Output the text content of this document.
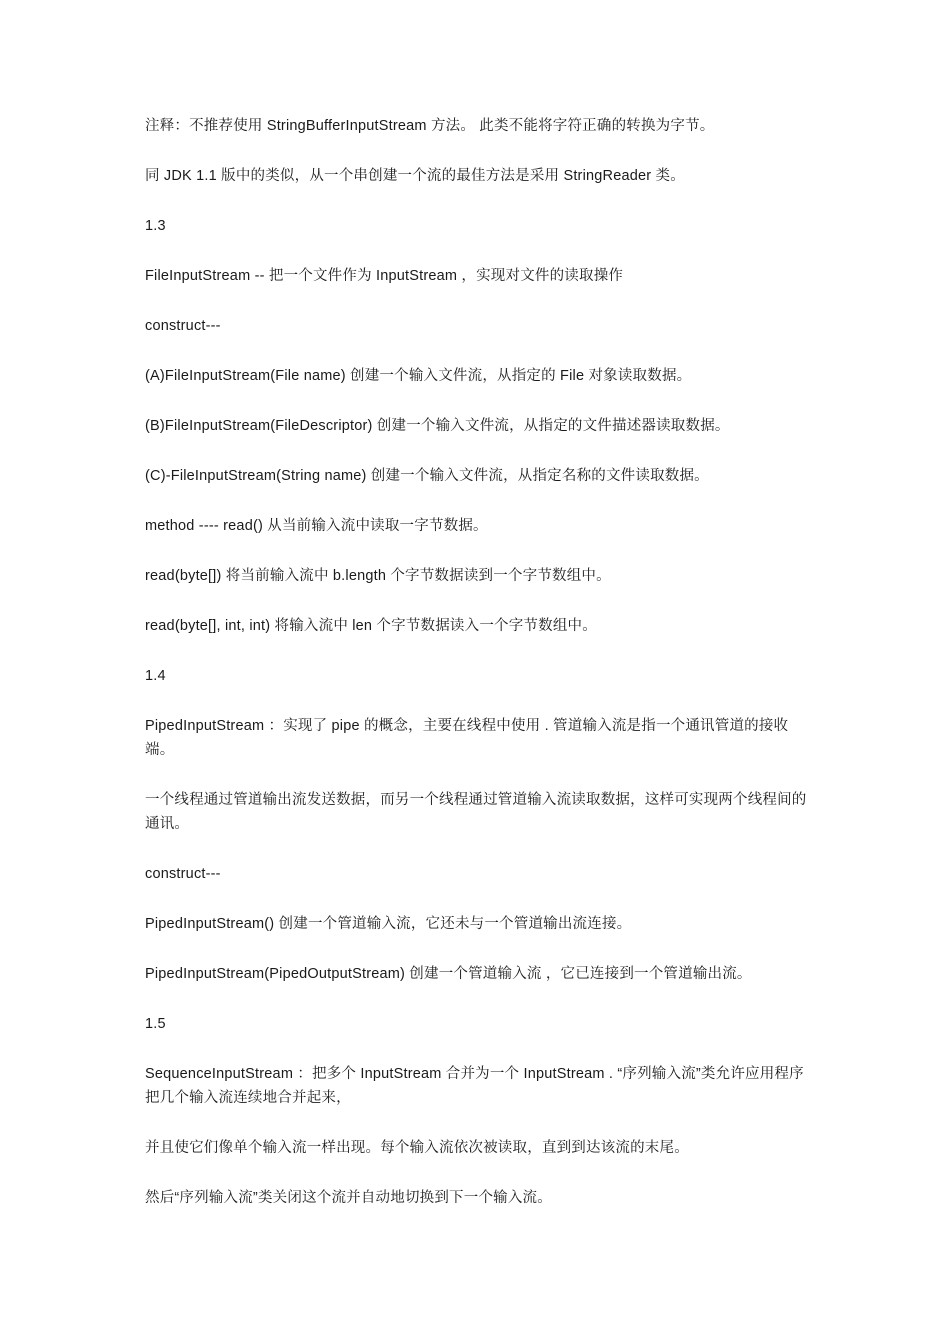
注释：不推荐使用 StringBufferInputStream 方法。 此类不能将字符正确的转换为字节。

同 JDK 1.1 版中的类似，从一个串创建一个流的最佳方法是采用 StringReader 类。

1.3

FileInputStream -- 把一个文件作为 InputStream ，实现对文件的读取操作

construct---

(A)FileInputStream(File name) 创建一个输入文件流，从指定的 File 对象读取数据。

(B)FileInputStream(FileDescriptor) 创建一个输入文件流，从指定的文件描述器读取数据。

(C)-FileInputStream(String name) 创建一个输入文件流，从指定名称的文件读取数据。

method ---- read() 从当前输入流中读取一字节数据。

read(byte[]) 将当前输入流中 b.length 个字节数据读到一个字节数组中。

read(byte[], int, int) 将输入流中 len 个字节数据读入一个字节数组中。

1.4

PipedInputStream ：实现了 pipe 的概念，主要在线程中使用 . 管道输入流是指一个通讯管道的接收端。

一个线程通过管道输出流发送数据，而另一个线程通过管道输入流读取数据，这样可实现两个线程间的通讯。

construct---

PipedInputStream() 创建一个管道输入流，它还未与一个管道输出流连接。

PipedInputStream(PipedOutputStream) 创建一个管道输入流 ，它已连接到一个管道输出流。

1.5

SequenceInputStream ：把多个 InputStream 合并为一个 InputStream . “序列输入流”类允许应用程序把几个输入流连续地合并起来，

并且使它们像单个输入流一样出现。每个输入流依次被读取，直到到达该流的末尾。

然后“序列输入流”类关闭这个流并自动地切换到下一个输入流。
